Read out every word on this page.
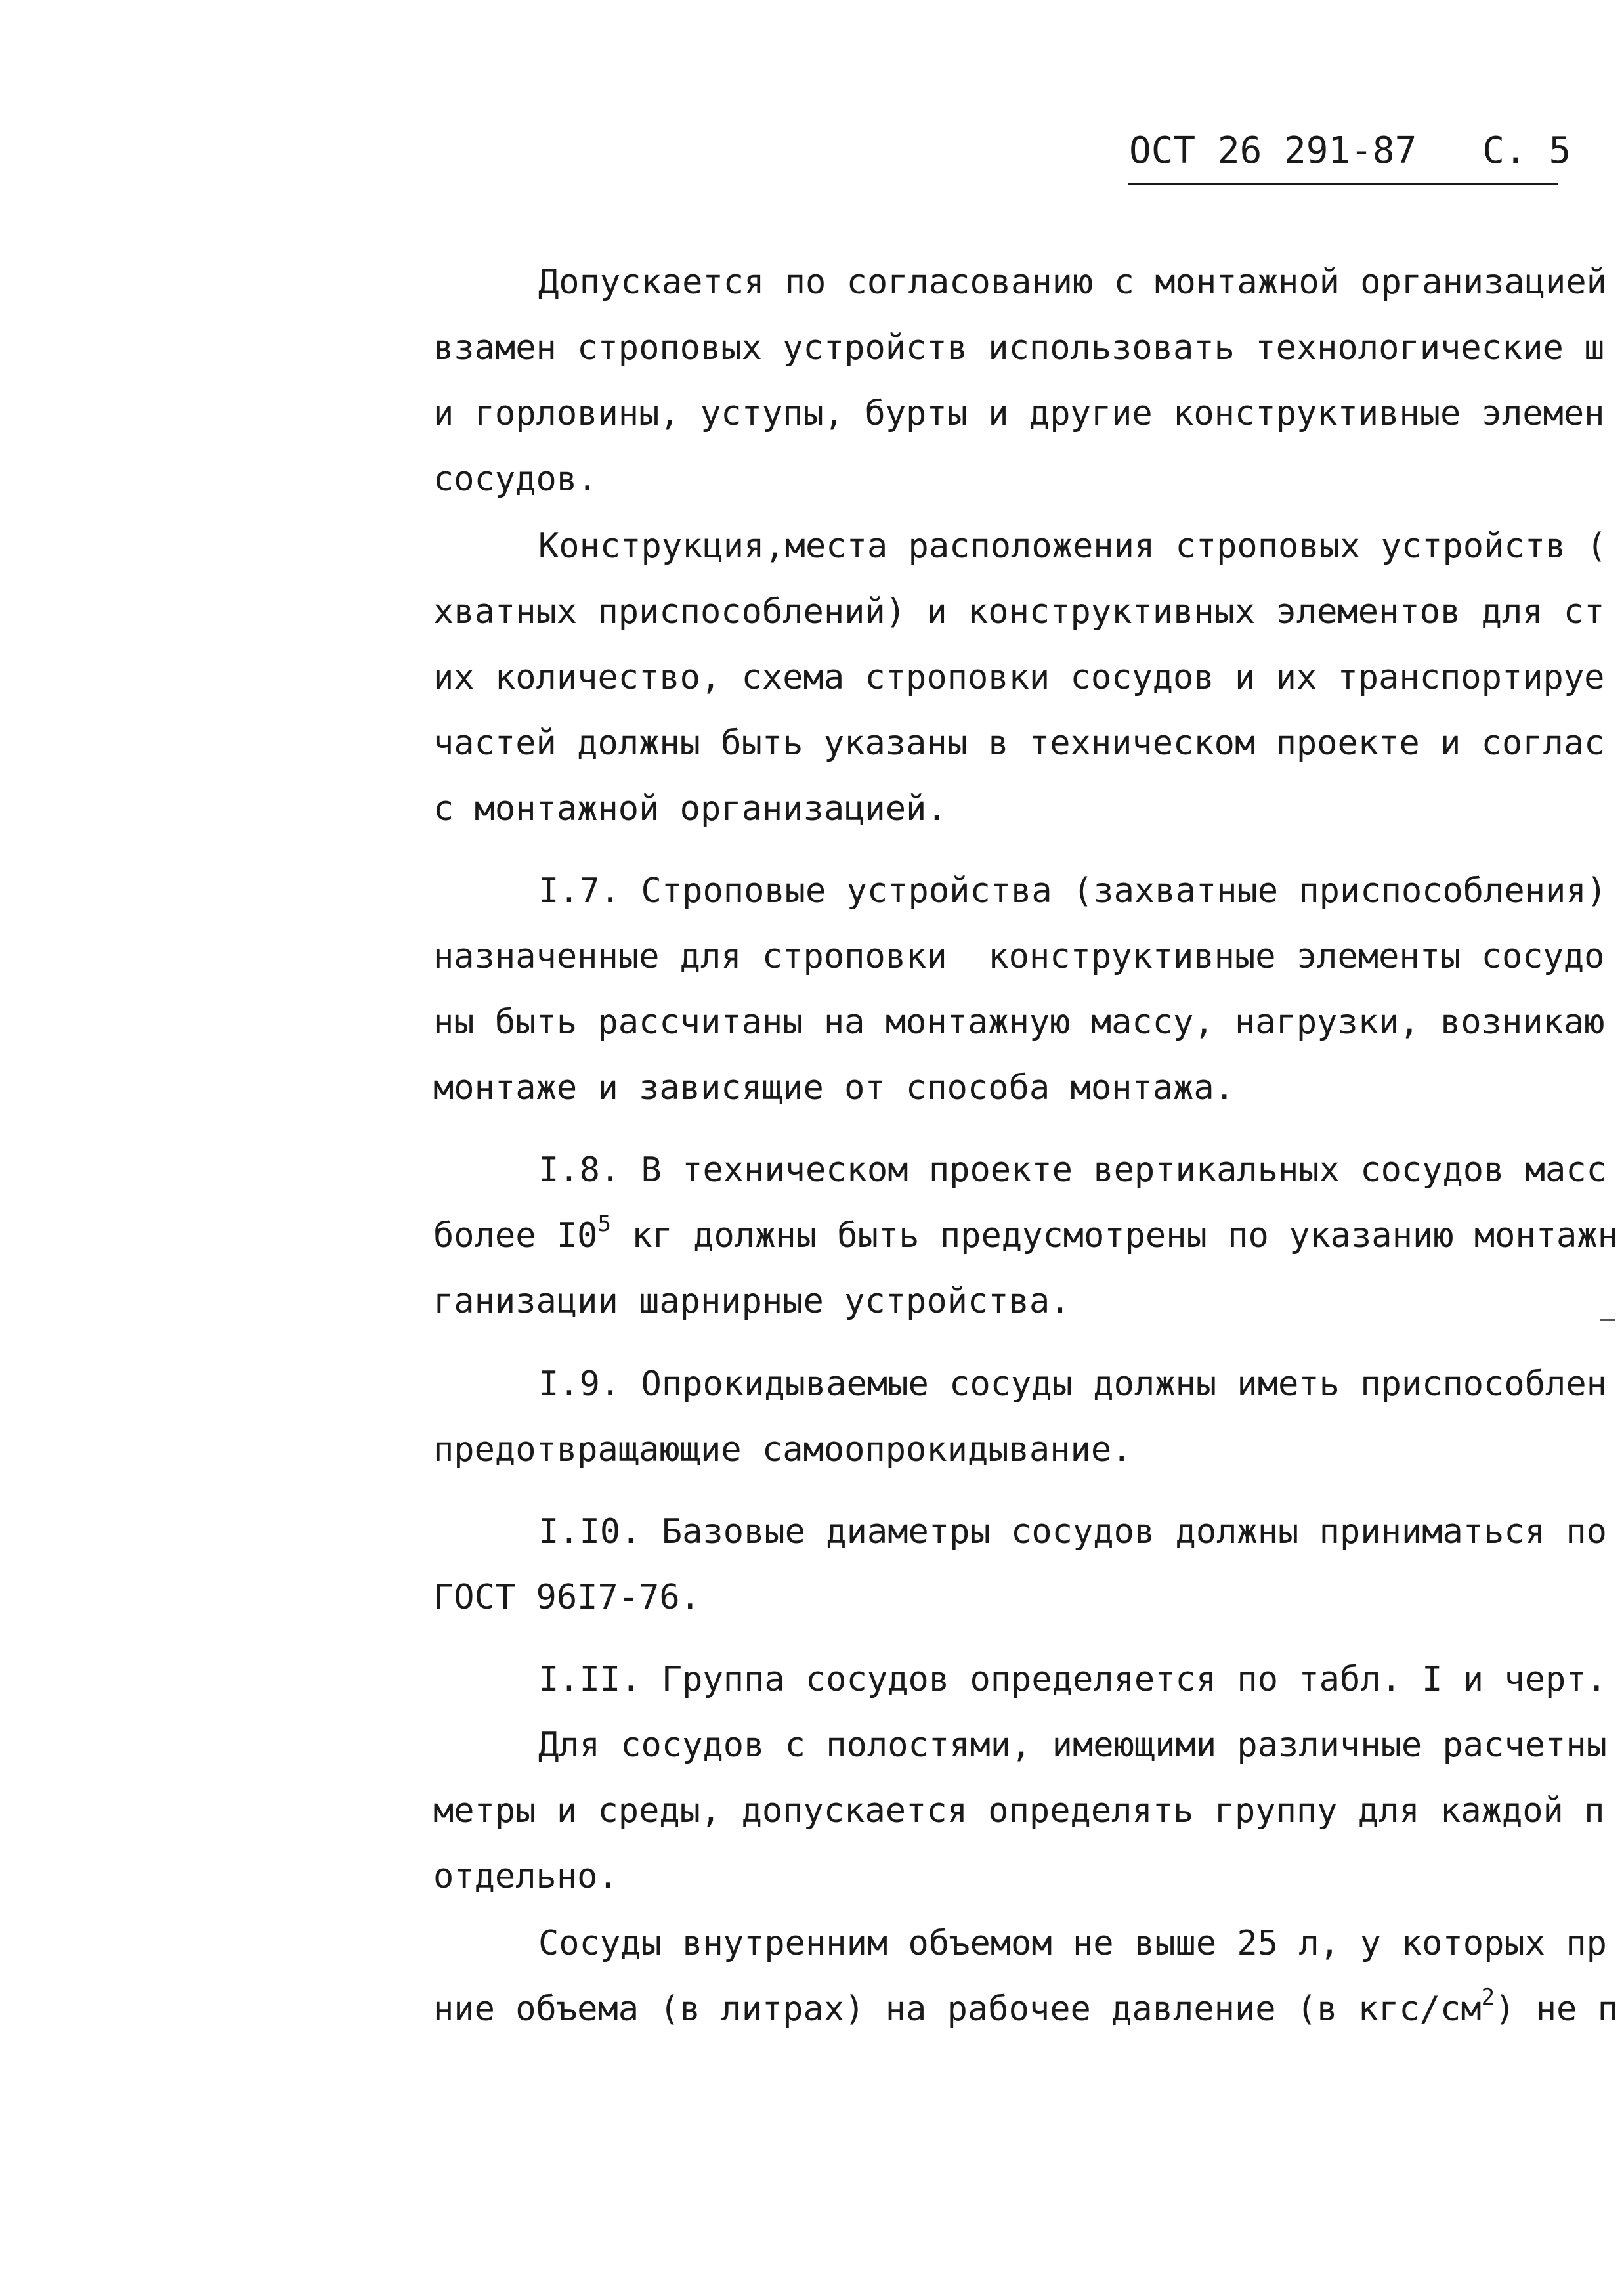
ОСТ 26 291-87 С. 5
Допускается по согласованию с монтажной организацией
взамен строповых устройств использовать технологические ш
и горловины, уступы, бурты и другие конструктивные элемен
сосудов.
Конструкция,места расположения строповых устройств (
хватных приспособлений) и конструктивных элементов для ст
их количество, схема строповки сосудов и их транспортируе
частей должны быть указаны в техническом проекте и соглас
с монтажной организацией.
I.7. Строповые устройства (захватные приспособления)
назначенные для строповки  конструктивные элементы сосудо
ны быть рассчитаны на монтажную массу, нагрузки, возникаю
монтаже и зависящие от способа монтажа.
I.8. В техническом проекте вертикальных сосудов масс
более $I0^5$ кг должны быть предусмотрены по указанию монтажн
ганизации шарнирные устройства.
I.9. Опрокидываемые сосуды должны иметь приспособлен
предотвращающие самоопрокидывание.
I.I0. Базовые диаметры сосудов должны приниматься по
ГОСТ 96I7-76.
I.II. Группа сосудов определяется по табл. I и черт.
Для сосудов с полостями, имеющими различные расчетны
метры и среды, допускается определять группу для каждой п
отдельно.
Сосуды внутренним объемом не выше 25 л, у которых пр
ние объема (в литрах) на рабочее давление (в кгс/$см^2$) не п
